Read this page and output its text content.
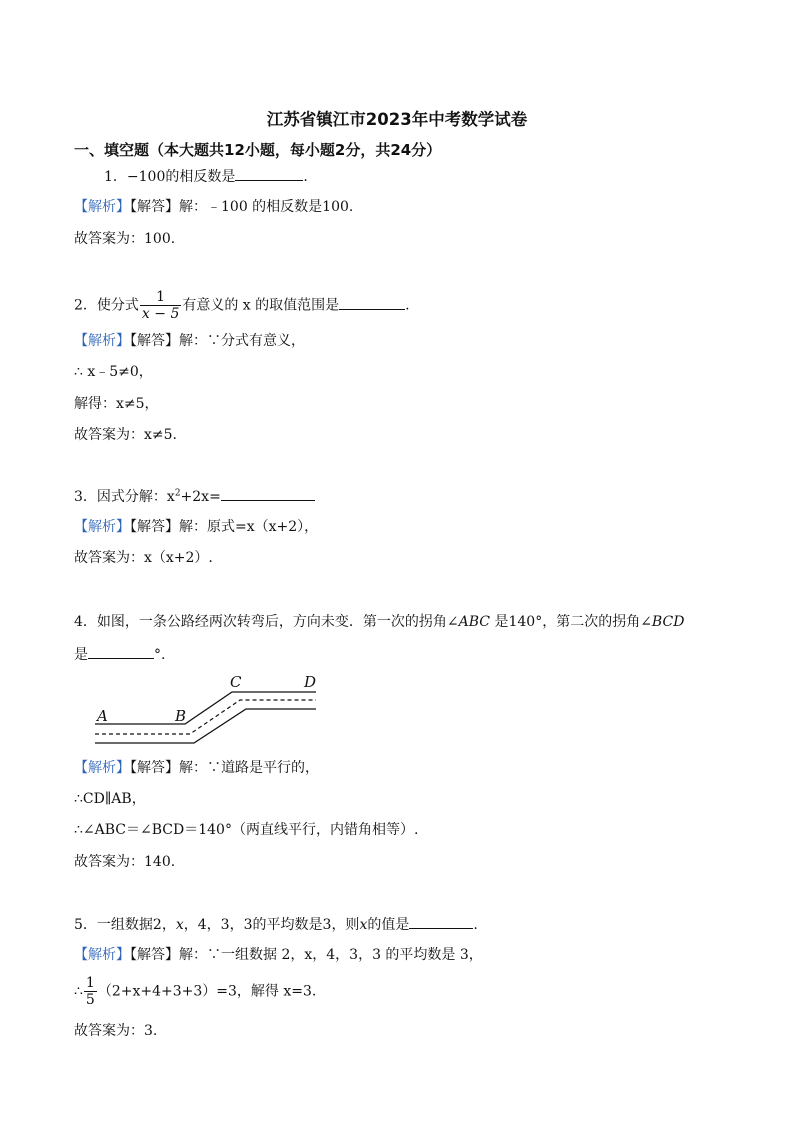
江苏省镇江市2023年中考数学试卷
一、填空题（本大题共12小题，每小题2分，共24分）
1．−100的相反数是	.
【解析】【解答】解：﹣100 的相反数是100.
故答案为：100.
2．使分式 $\frac{1}{x - 5}$ 有意义的 x 的取值范围是	.
【解析】【解答】解：∵分式有意义，
∴ x﹣5≠0，
解得：x≠5，
故答案为：x≠5.
3．因式分解：$x^2+2x=$
【解析】【解答】解：原式=x（x+2），
故答案为：x（x+2）.
4．如图，一条公路经两次转弯后，方向未变．第一次的拐角∠ABC 是140°，第二次的拐角∠BCD
是	°.
A	B
C	D
【解析】【解答】解：∵道路是平行的，
∴CD∥AB，
∴∠ABC＝∠BCD＝140°（两直线平行，内错角相等）.
故答案为：140.
5．一组数据2，x，4，3，3的平均数是3，则x的值是	.
【解析】【解答】解：∵一组数据 2，x，4，3，3 的平均数是 3，
∴ $\frac{1}{5} (2+x+4+3+3)=3$，解得 x=3.
故答案为：3.
